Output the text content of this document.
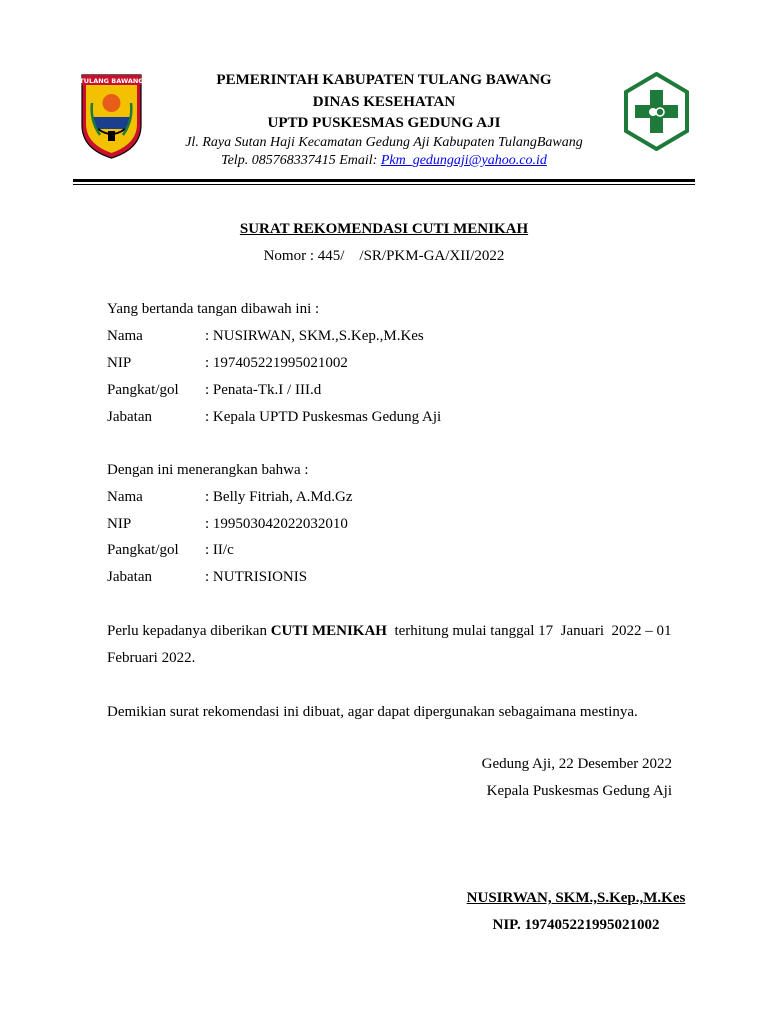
TULANG BAWANG	PEMERINTAH KABUPATEN TULANG BAWANG
DINAS KESEHATAN
UPTD PUSKESMAS GEDUNG AJI
Jl. Raya Sutan Haji Kecamatan Gedung Aji Kabupaten TulangBawang
Telp. 085768337415 Email: Pkm_gedungaji@yahoo.co.id
SURAT REKOMENDASI CUTI MENIKAH
Nomor : 445/    /SR/PKM-GA/XII/2022
Yang bertanda tangan dibawah ini :
Nama	: NUSIRWAN, SKM.,S.Kep.,M.Kes
NIP	: 197405221995021002
Pangkat/gol : Penata-Tk.I / III.d
Jabatan	: Kepala UPTD Puskesmas Gedung Aji
Dengan ini menerangkan bahwa :
Nama	: Belly Fitriah, A.Md.Gz
NIP	: 199503042022032010
Pangkat/gol : II/c
Jabatan	: NUTRISIONIS
Perlu kepadanya diberikan CUTI MENIKAH  terhitung mulai tanggal 17  Januari  2022 – 01
Februari 2022.
Demikian surat rekomendasi ini dibuat, agar dapat dipergunakan sebagaimana mestinya.
Gedung Aji, 22 Desember 2022
Kepala Puskesmas Gedung Aji
NUSIRWAN, SKM.,S.Kep.,M.Kes
NIP. 197405221995021002
